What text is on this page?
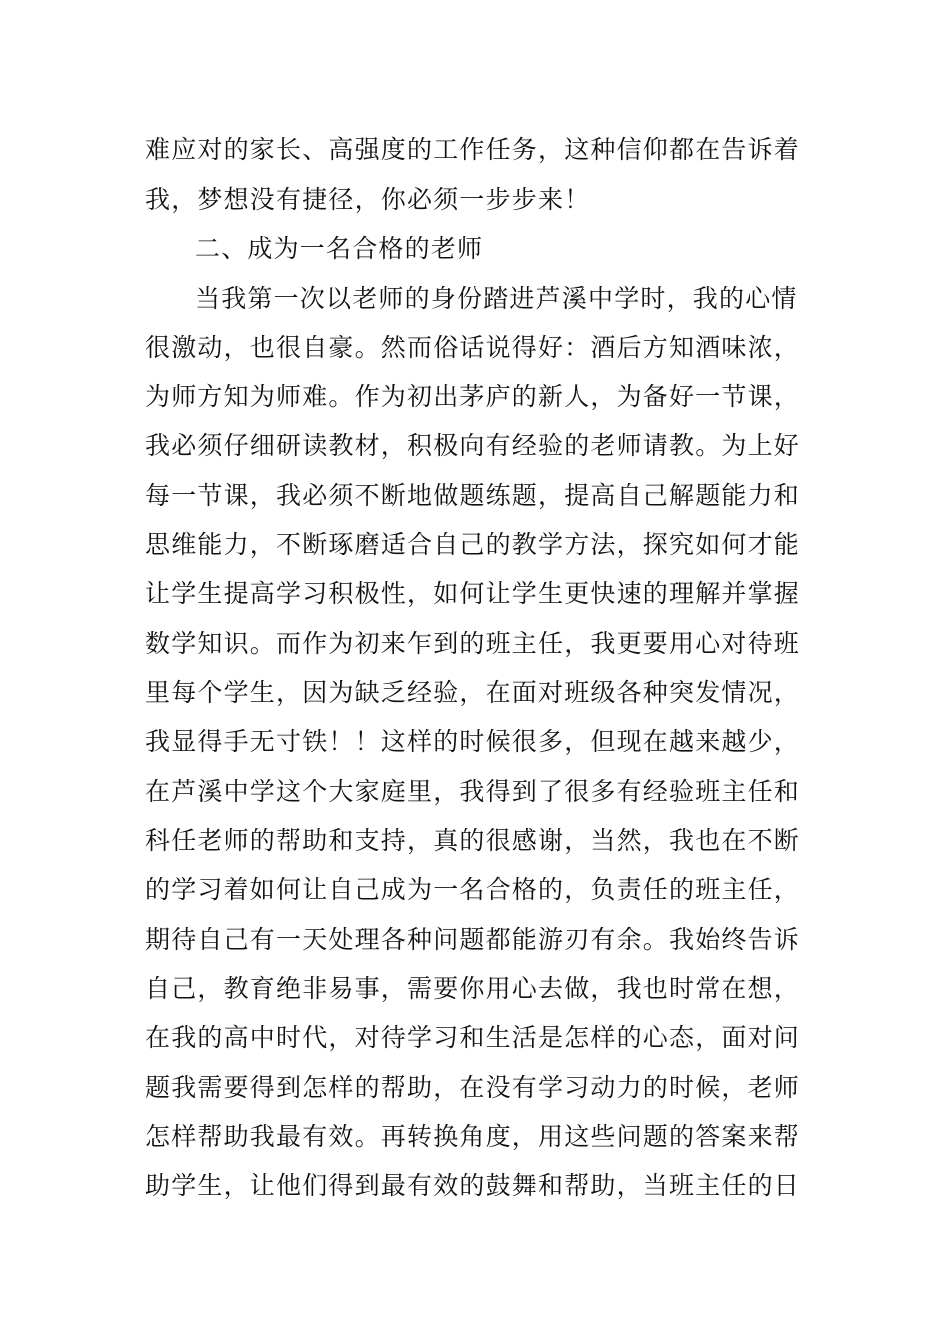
难应对的家长、高强度的工作任务，这种信仰都在告诉着
我，梦想没有捷径，你必须一步步来！
二、成为一名合格的老师
当我第一次以老师的身份踏进芦溪中学时，我的心情
很激动，也很自豪。然而俗话说得好：酒后方知酒味浓，
为师方知为师难。作为初出茅庐的新人，为备好一节课，
我必须仔细研读教材，积极向有经验的老师请教。为上好
每一节课，我必须不断地做题练题，提高自己解题能力和
思维能力，不断琢磨适合自己的教学方法，探究如何才能
让学生提高学习积极性，如何让学生更快速的理解并掌握
数学知识。而作为初来乍到的班主任，我更要用心对待班
里每个学生，因为缺乏经验，在面对班级各种突发情况，
我显得手无寸铁！！这样的时候很多，但现在越来越少，
在芦溪中学这个大家庭里，我得到了很多有经验班主任和
科任老师的帮助和支持，真的很感谢，当然，我也在不断
的学习着如何让自己成为一名合格的，负责任的班主任，
期待自己有一天处理各种问题都能游刃有余。我始终告诉
自己，教育绝非易事，需要你用心去做，我也时常在想，
在我的高中时代，对待学习和生活是怎样的心态，面对问
题我需要得到怎样的帮助，在没有学习动力的时候，老师
怎样帮助我最有效。再转换角度，用这些问题的答案来帮
助学生，让他们得到最有效的鼓舞和帮助，当班主任的日
